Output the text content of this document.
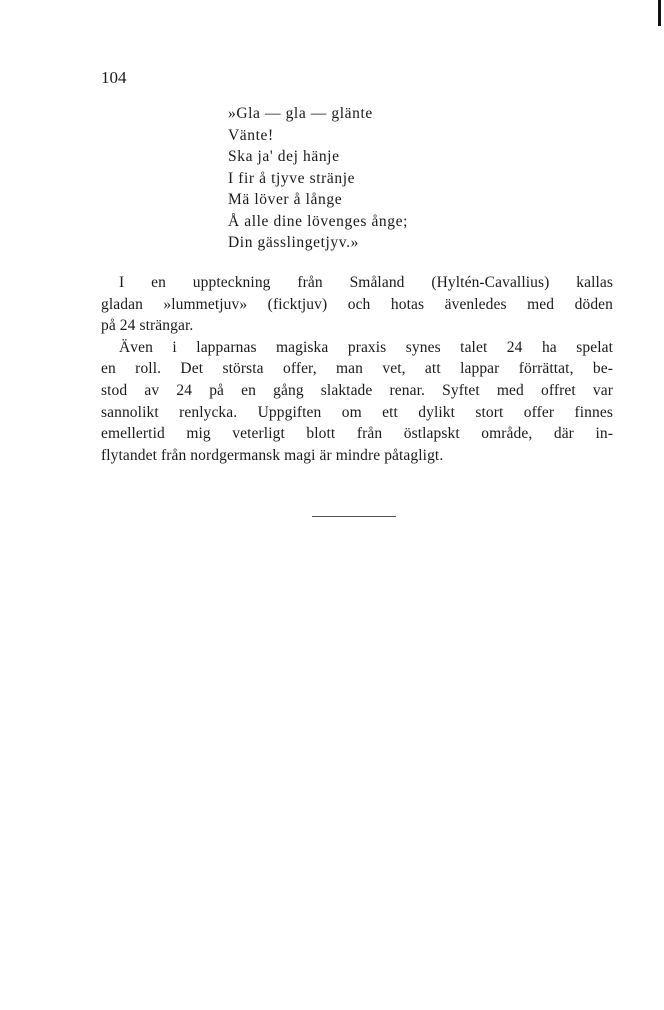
104
»Gla — gla — glänte
Vänte!
Ska ja' dej hänje
I fir å tjyve stränje
Mä löver å långe
Å alle dine lövenges ånge;
Din gässlingetjyv.»
I en uppteckning från Småland (Hyltén-Cavallius) kallas
gladan »lummetjuv» (ficktjuv) och hotas ävenledes med döden
på 24 strängar.
Även i lapparnas magiska praxis synes talet 24 ha spelat
en roll. Det största offer, man vet, att lappar förrättat, be-
stod av 24 på en gång slaktade renar. Syftet med offret var
sannolikt renlycka. Uppgiften om ett dylikt stort offer finnes
emellertid mig veterligt blott från östlapskt område, där in-
flytandet från nordgermansk magi är mindre påtagligt.
